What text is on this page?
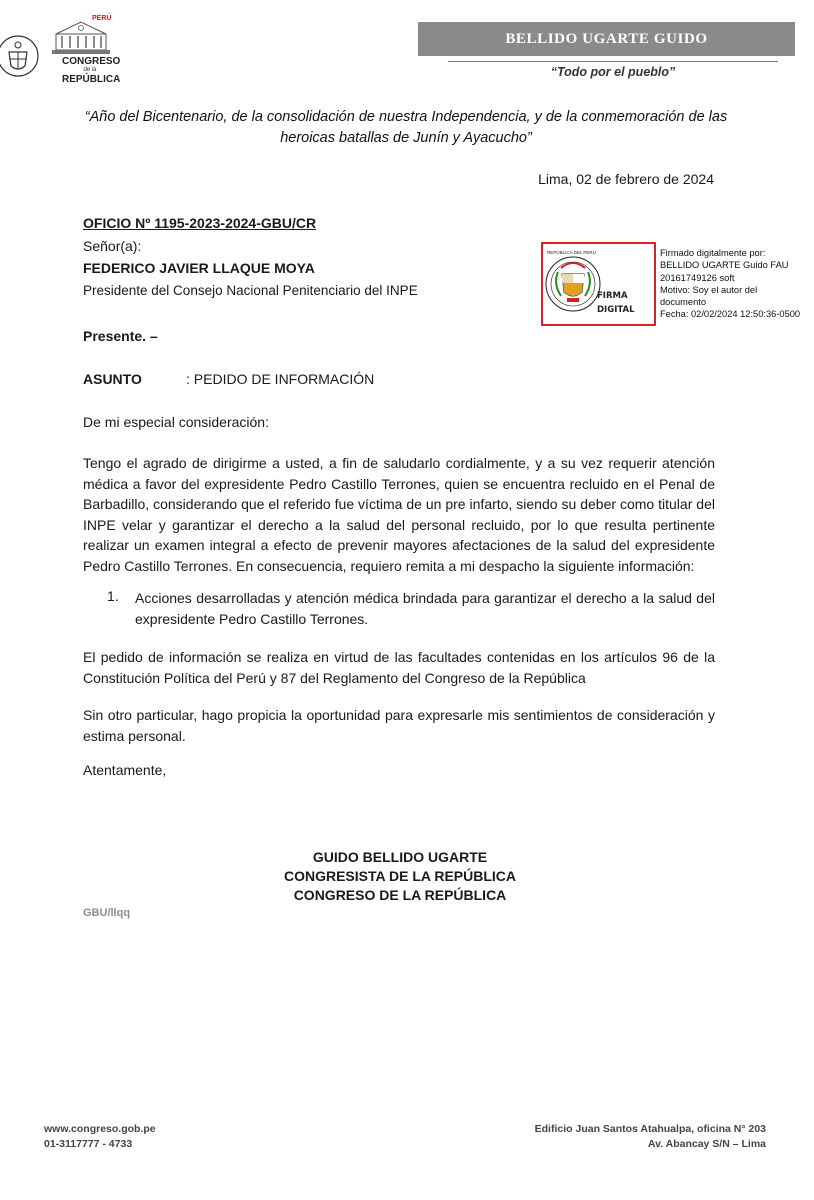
PERÚ
CONGRESO
de la
REPÚBLICA
BELLIDO UGARTE GUIDO
“Todo por el pueblo”
“Año del Bicentenario, de la consolidación de nuestra Independencia, y de la conmemoración de las heroicas batallas de Junín y Ayacucho”
Lima, 02 de febrero de 2024
OFICIO Nº 1195-2023-2024-GBU/CR
Señor(a):
FEDERICO JAVIER LLAQUE MOYA
Presidente del Consejo Nacional Penitenciario del INPE
Presente. –
ASUNTO	: PEDIDO DE INFORMACIÓN
De mi especial consideración:
Tengo el agrado de dirigirme a usted, a fin de saludarlo cordialmente, y a su vez requerir atención médica a favor del expresidente Pedro Castillo Terrones, quien se encuentra recluido en el Penal de Barbadillo, considerando que el referido fue víctima de un pre infarto, siendo su deber como titular del INPE velar y garantizar el derecho a la salud del personal recluido, por lo que resulta pertinente realizar un examen integral a efecto de prevenir mayores afectaciones de la salud del expresidente Pedro Castillo Terrones. En consecuencia, requiero remita a mi despacho la siguiente información:
1. Acciones desarrolladas y atención médica brindada para garantizar el derecho a la salud del expresidente Pedro Castillo Terrones.
El pedido de información se realiza en virtud de las facultades contenidas en los artículos 96 de la Constitución Política del Perú y 87 del Reglamento del Congreso de la República
Sin otro particular, hago propicia la oportunidad para expresarle mis sentimientos de consideración y estima personal.
Atentamente,
GUIDO BELLIDO UGARTE
CONGRESISTA DE LA REPÚBLICA
CONGRESO DE LA REPÚBLICA
GBU/llqq
REPÚBLICA DEL PERÚ
FIRMA
DIGITAL
Firmado digitalmente por:
BELLIDO UGARTE Guido FAU
20161749126 soft
Motivo: Soy el autor del
documento
Fecha: 02/02/2024 12:50:36-0500
www.congreso.gob.pe
01-3117777 - 4733
Edificio Juan Santos Atahualpa, oficina N° 203
Av. Abancay S/N – Lima
